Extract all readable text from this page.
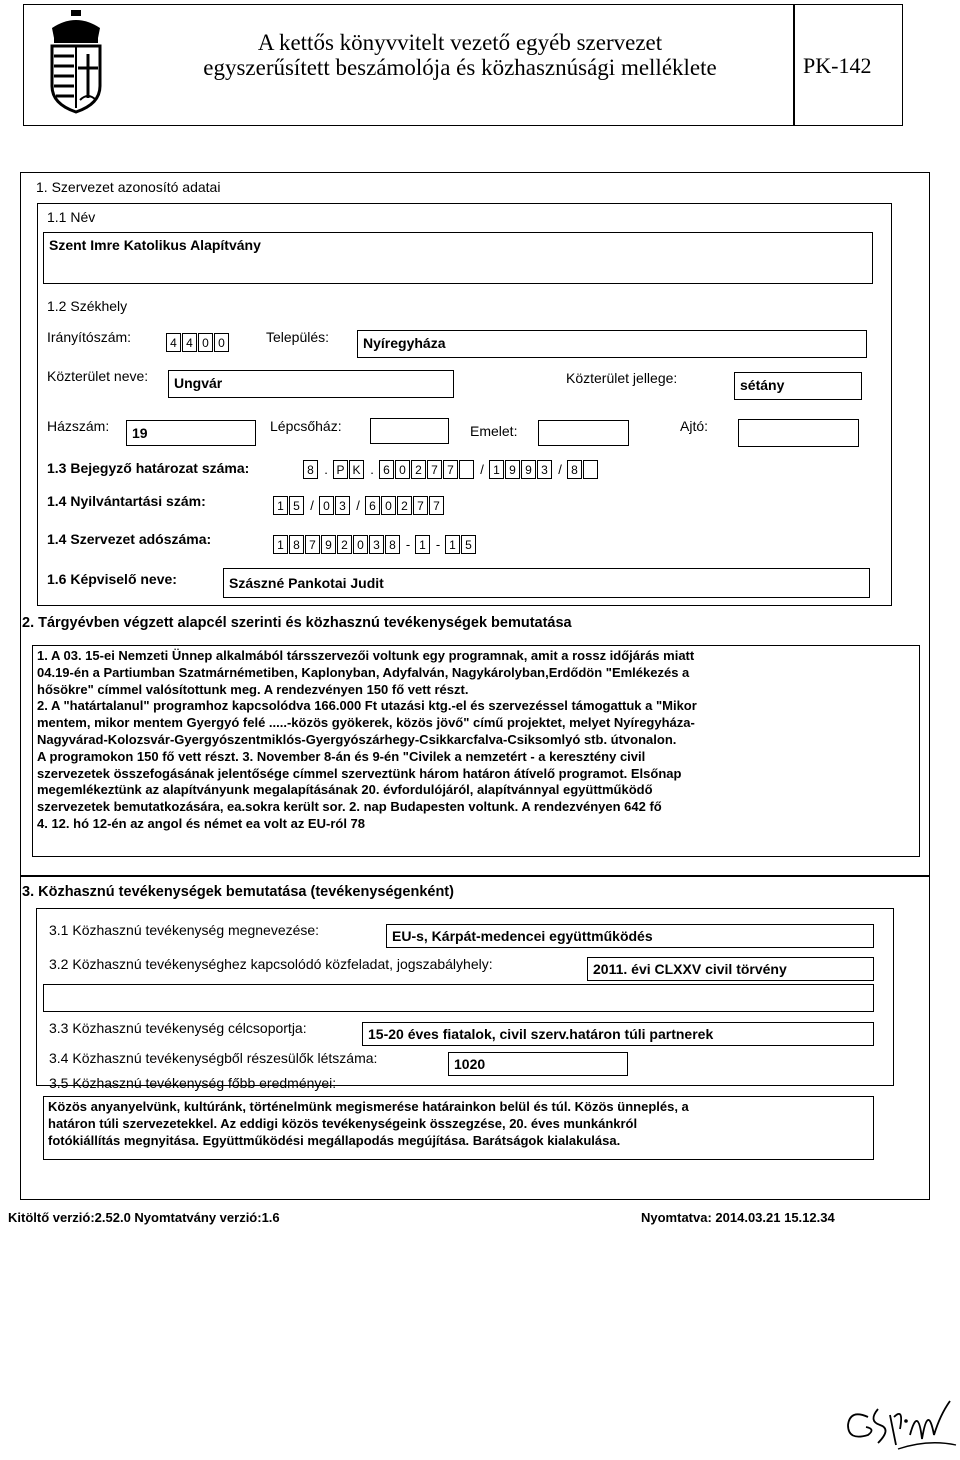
A kettős könyvvitelt vezető egyéb szervezet
egyszerűsített beszámolója és közhasznúsági melléklete	PK-142
1. Szervezet azonosító adatai
1.1 Név
Szent Imre Katolikus Alapítvány
1.2 Székhely
Irányítószám:	4 4 0 0	Település:	Nyíregyháza
Közterület neve:	Ungvár	Közterület jellege:	sétány
Házszám:	19	Lépcsőház:	Emelet:	Ajtó:
1.3 Bejegyző határozat száma:	8 . P K . 6 0 2 7 7	/ 1 9 9 3 / 8
1.4 Nyilvántartási szám:	1 5 / 0 3 / 6 0 2 7 7
1.4 Szervezet adószáma:	1 8 7 9 2 0 3 8 - 1 - 1 5
1.6 Képviselő neve:	Szászné Pankotai Judit
2. Tárgyévben végzett alapcél szerinti és közhasznú tevékenységek bemutatása
1. A 03. 15-ei Nemzeti Ünnep alkalmából társszervezői voltunk egy programnak, amit a rossz időjárás miatt
04.19-én a Partiumban Szatmárnémetiben, Kaplonyban, Adyfalván, Nagykárolyban,Erdődön "Emlékezés a
hősökre" címmel valósítottunk meg. A rendezvényen 150 fő vett részt.
2. A "határtalanul" programhoz kapcsolódva 166.000 Ft utazási ktg.-el és szervezéssel támogattuk a "Mikor
mentem, mikor mentem Gyergyó felé .....-közös gyökerek, közös jövő" című projektet, melyet Nyíregyháza-
Nagyvárad-Kolozsvár-Gyergyószentmiklós-Gyergyószárhegy-Csikkarcfalva-Csiksomlyó stb. útvonalon.
A programokon 150 fő vett részt. 3. November 8-án és 9-én "Civilek a nemzetért - a keresztény civil
szervezetek összefogásának jelentősége címmel szerveztünk három határon átívelő programot. Elsőnap
megemlékeztünk az alapítványunk megalapításának 20. évfordulójáról, alapítvánnyal együttműködő
szervezetek bemutatkozására, ea.sokra került sor. 2. nap Budapesten voltunk. A rendezvényen 642 fő
4. 12. hó 12-én az angol és német ea volt az EU-ról 78
3. Közhasznú tevékenységek bemutatása (tevékenységenként)
3.1 Közhasznú tevékenység megnevezése:	EU-s, Kárpát-medencei együttműködés
3.2 Közhasznú tevékenységhez kapcsolódó közfeladat, jogszabályhely:	2011. évi CLXXV civil törvény
3.3 Közhasznú tevékenység célcsoportja:	15-20 éves fiatalok, civil szerv.határon túli partnerek
3.4 Közhasznú tevékenységből részesülők létszáma:	1020
3.5 Közhasznú tevékenység főbb eredményei:
Közös anyanyelvünk, kultúránk, történelmünk megismerése határainkon belül és túl. Közös ünneplés, a
határon túli szervezetekkel. Az eddigi közös tevékenységeink összegzése, 20. éves munkánkról
fotókiállítás megnyitása. Együttműködési megállapodás megújítása. Barátságok kialakulása.
Kitöltő verzió:2.52.0 Nyomtatvány verzió:1.6	Nyomtatva: 2014.03.21 15.12.34
